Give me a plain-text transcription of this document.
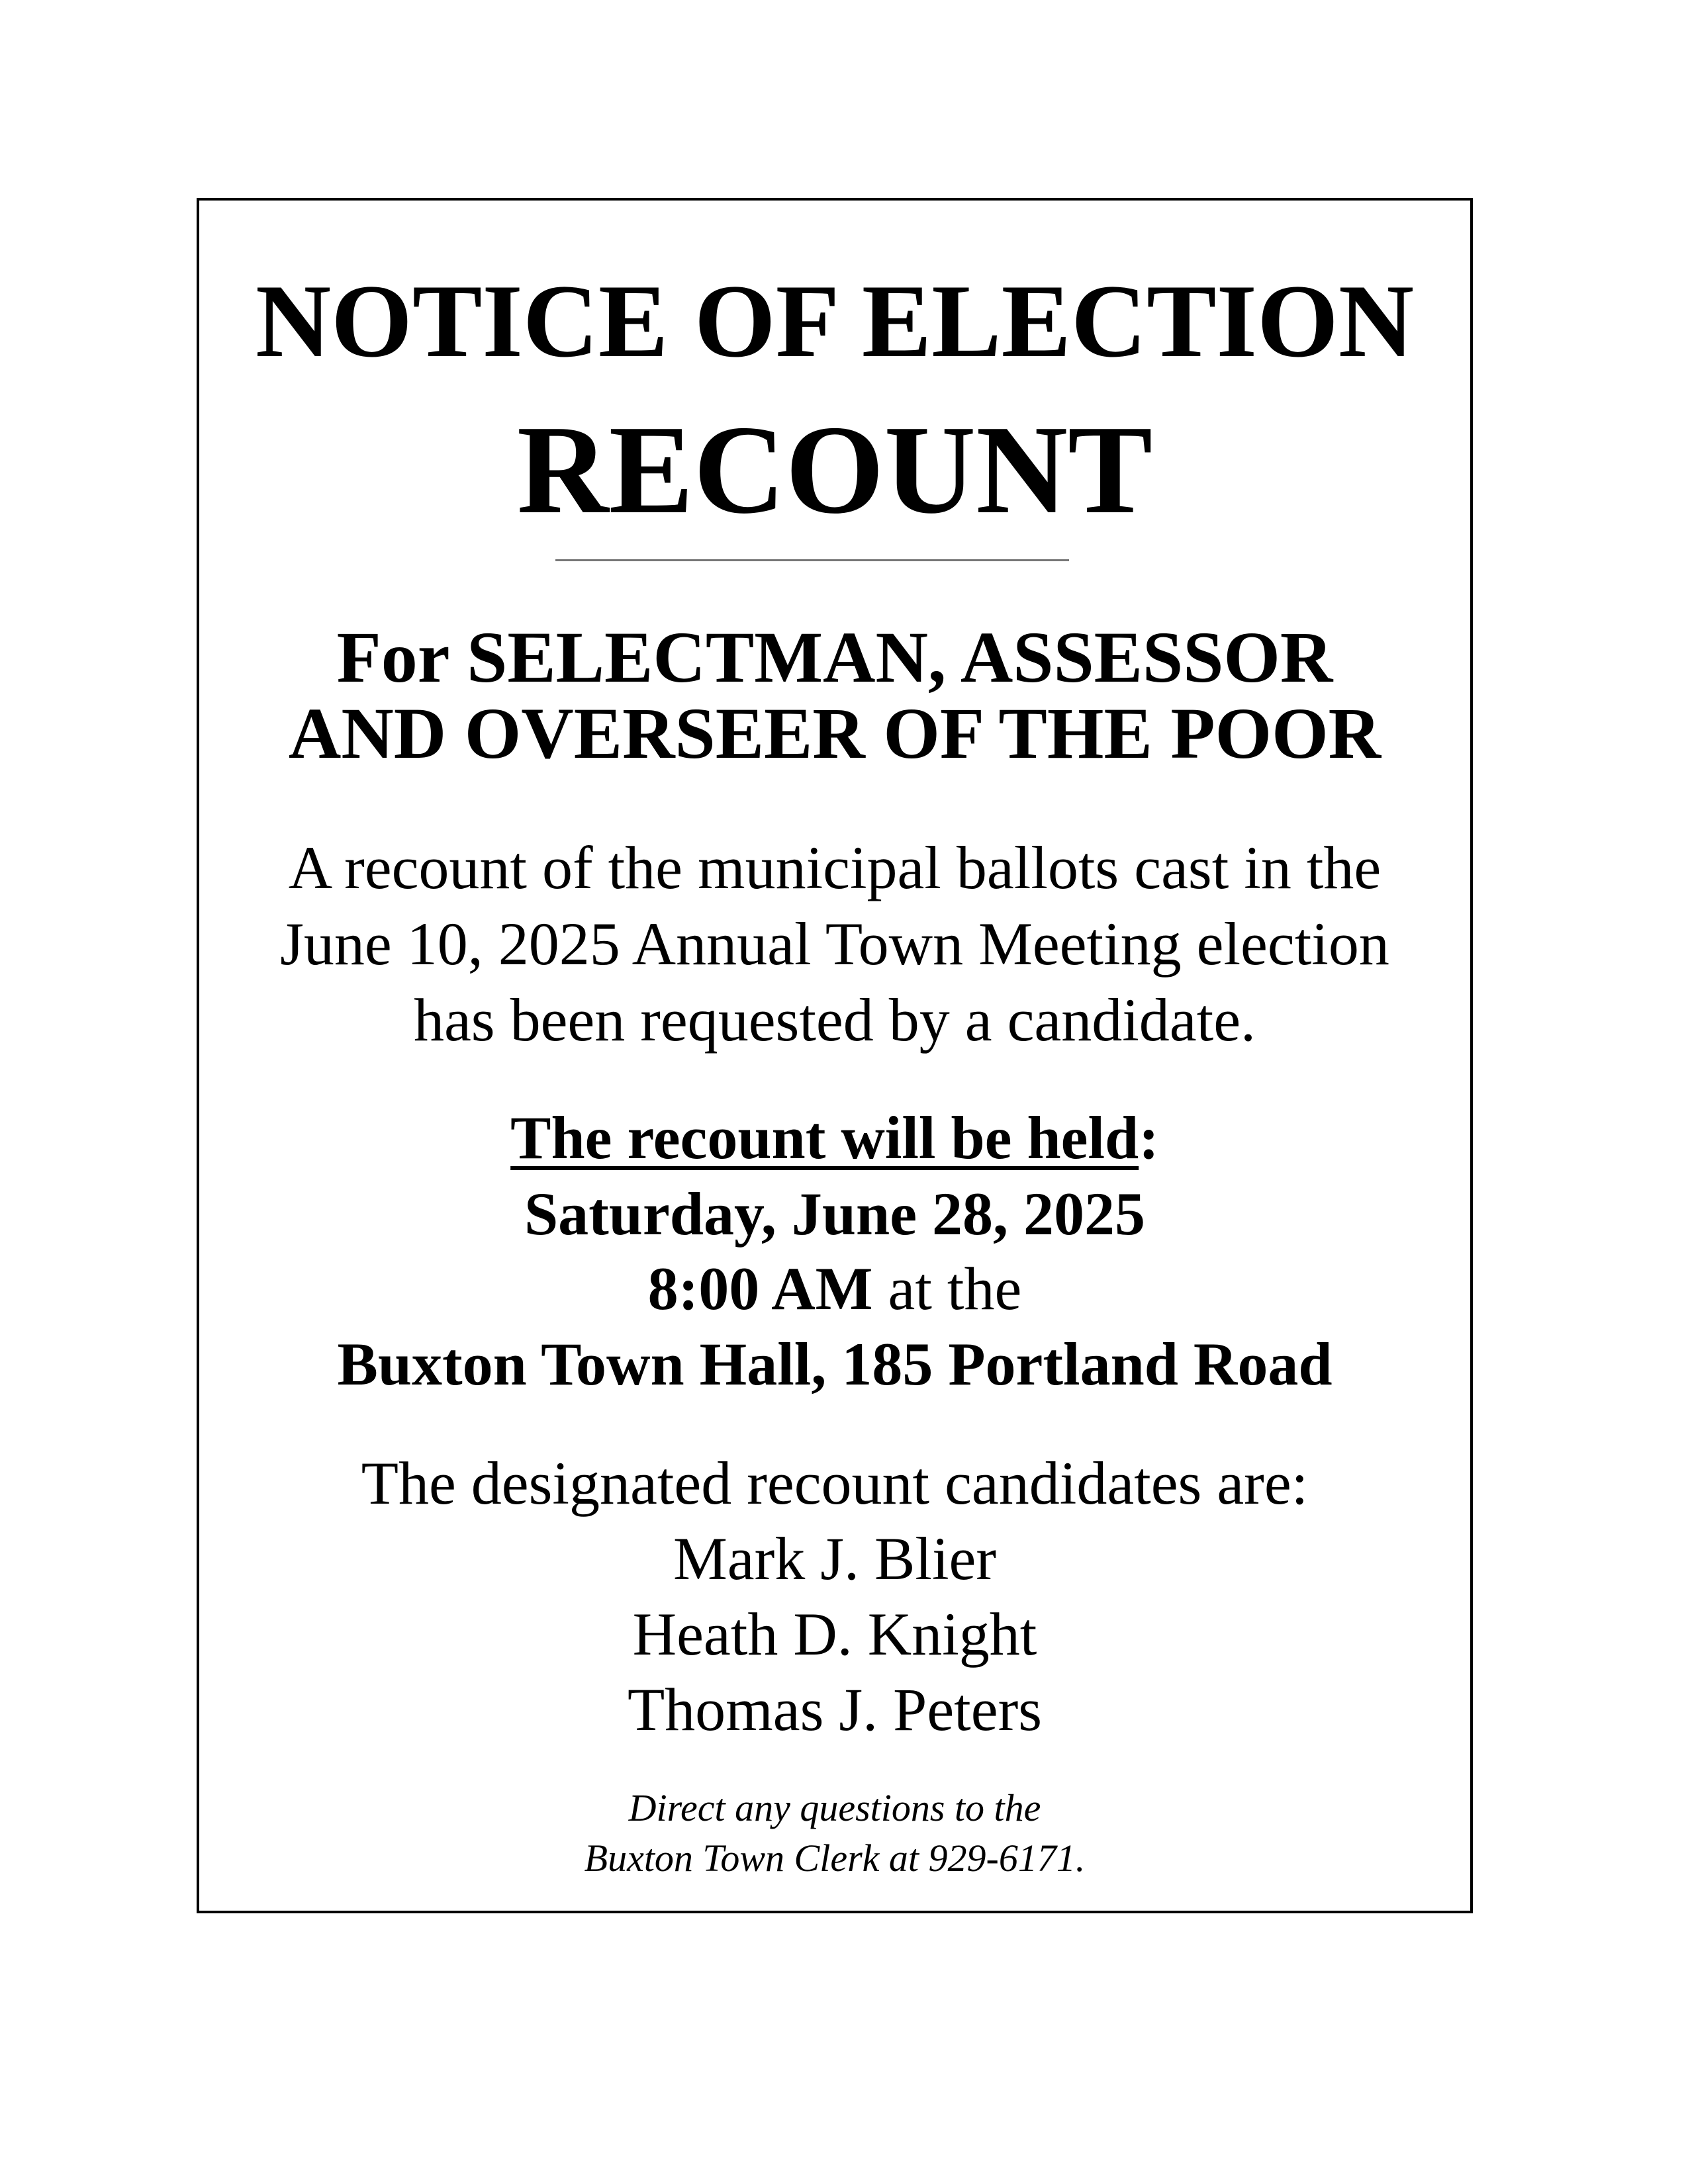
NOTICE OF ELECTION
RECOUNT
For SELECTMAN, ASSESSOR
AND OVERSEER OF THE POOR
A recount of the municipal ballots cast in the
June 10, 2025 Annual Town Meeting election
has been requested by a candidate.
The recount will be held:
Saturday, June 28, 2025
8:00 AM at the
Buxton Town Hall, 185 Portland Road
The designated recount candidates are:
Mark J. Blier
Heath D. Knight
Thomas J. Peters
Direct any questions to the
Buxton Town Clerk at 929-6171.
